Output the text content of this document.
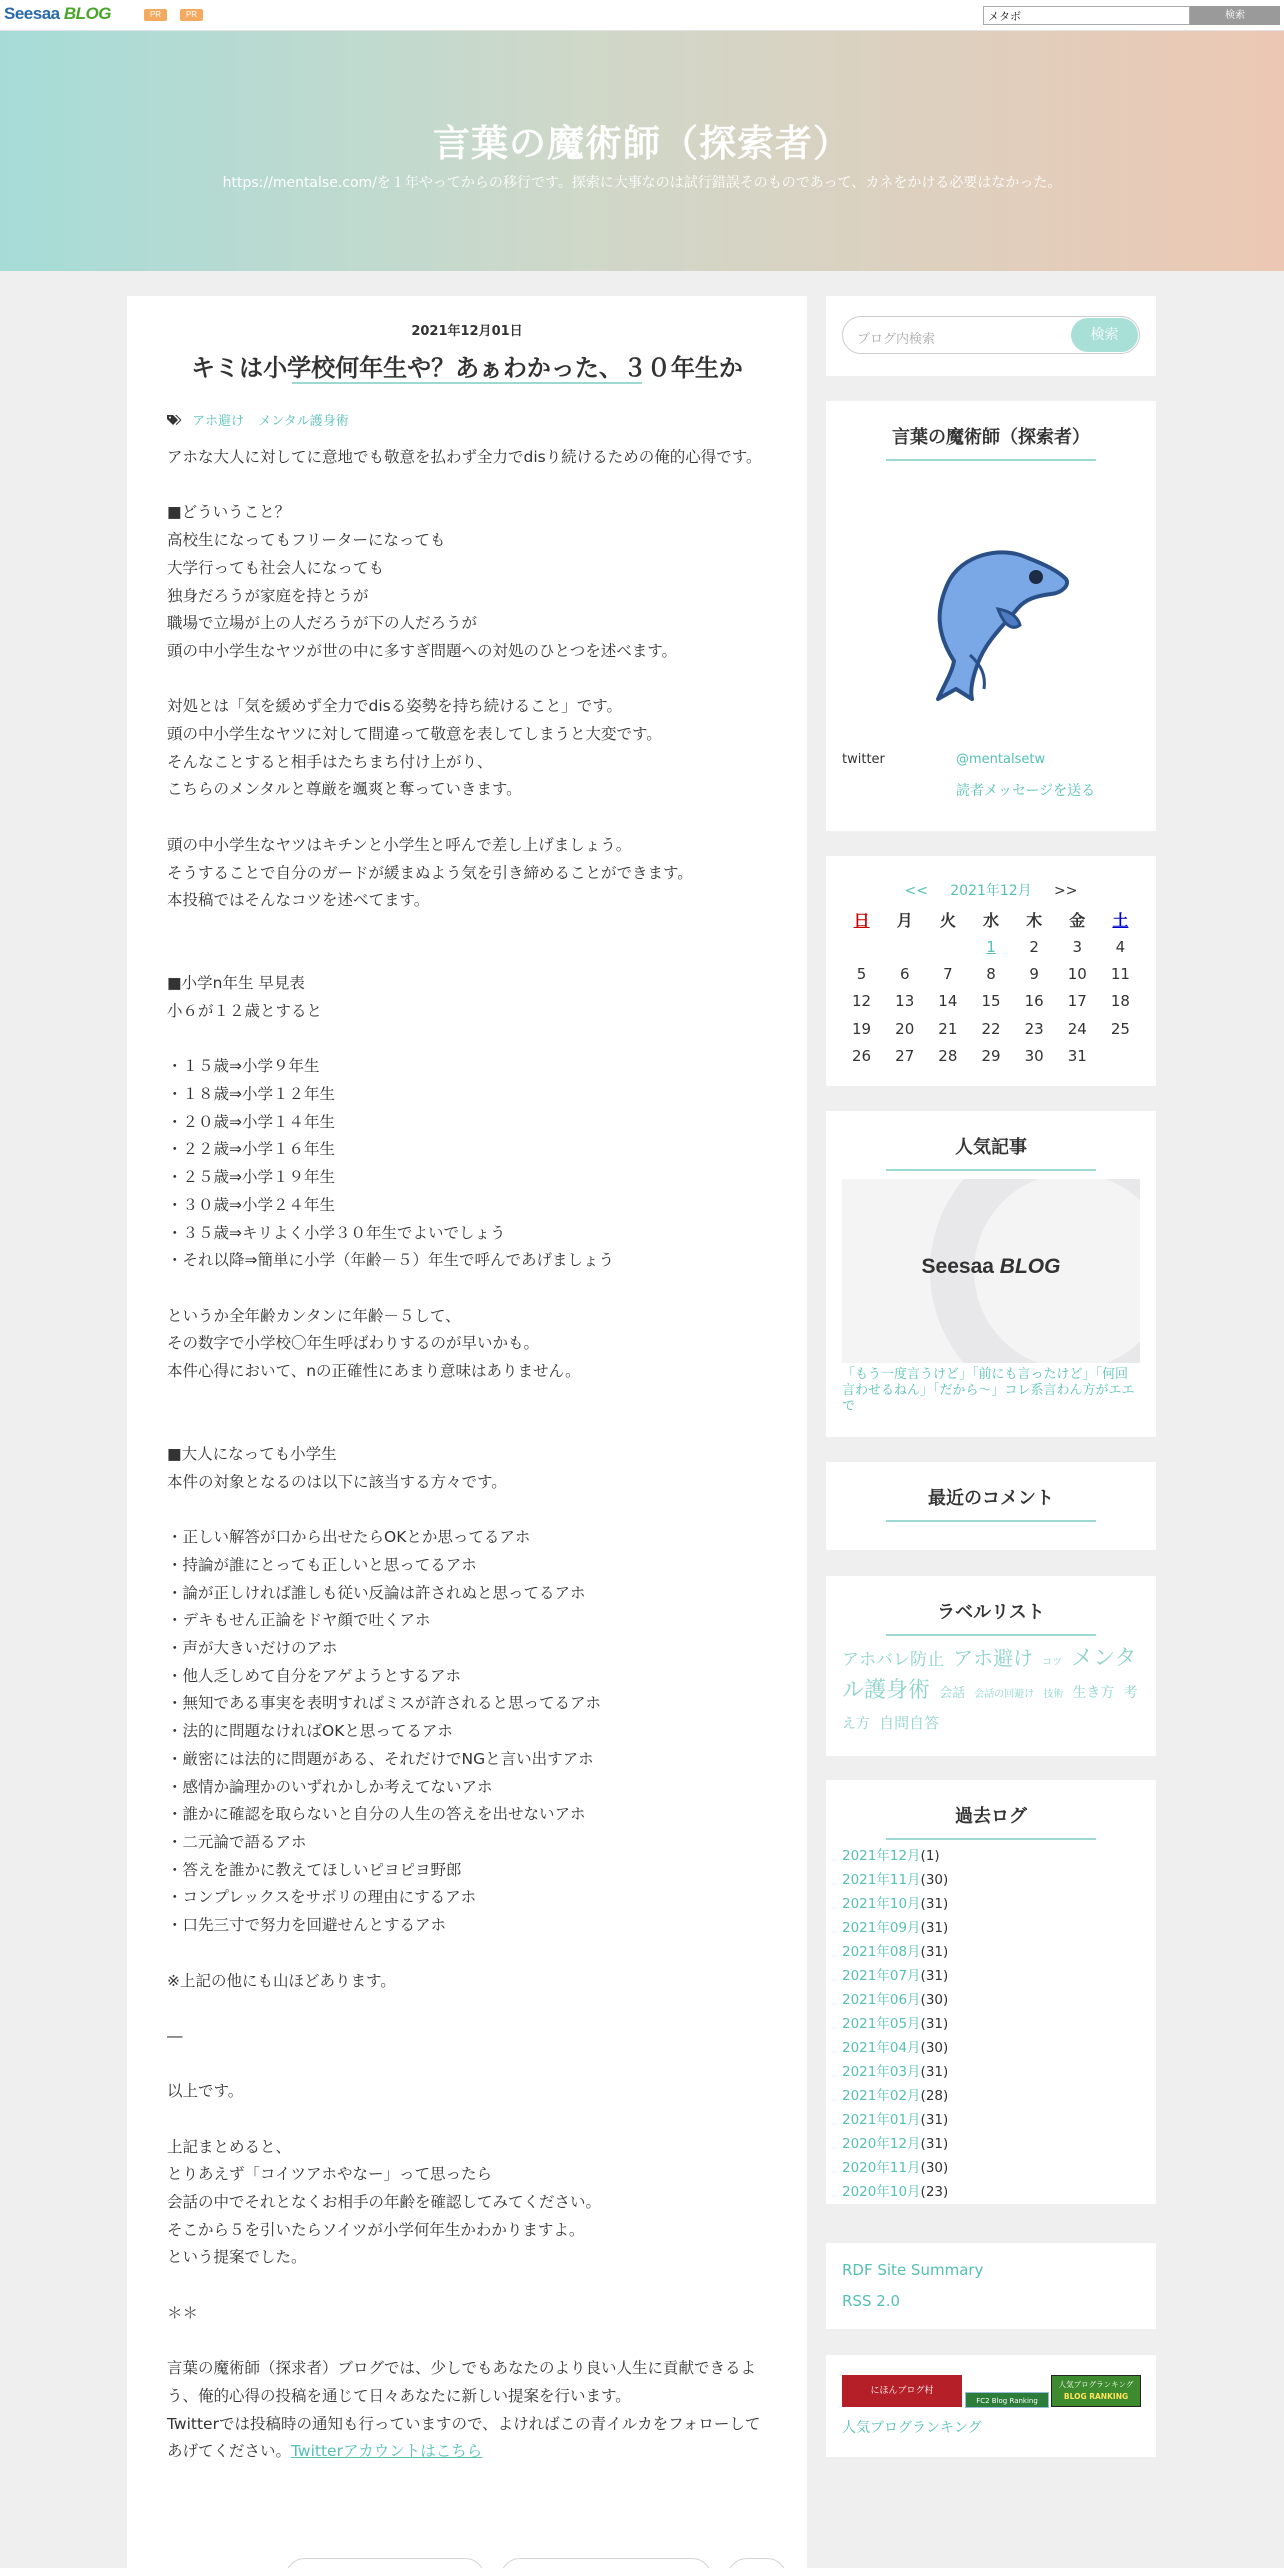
Seesaa BLOG	PR	PR
メタボ	検索
言葉の魔術師（探索者）
https://mentalse.com/を１年やってからの移行です。探索に大事なのは試行錯誤そのものであって、カネをかける必要はなかった。
2021年12月01日
キミは小学校何年生や？あぁわかった、３０年生か
アホ避け メンタル護身術

アホな大人に対してに意地でも敬意を払わず全力でdisり続けるための俺的心得です。

■どういうこと？

高校生になってもフリーターになっても

大学行っても社会人になっても

独身だろうが家庭を持とうが

職場で立場が上の人だろうが下の人だろうが

頭の中小学生なヤツが世の中に多すぎ問題への対処のひとつを述べます。

対処とは「気を緩めず全力でdisる姿勢を持ち続けること」です。

頭の中小学生なヤツに対して間違って敬意を表してしまうと大変です。

そんなことすると相手はたちまち付け上がり、

こちらのメンタルと尊厳を颯爽と奪っていきます。

頭の中小学生なヤツはキチンと小学生と呼んで差し上げましょう。

そうすることで自分のガードが緩まぬよう気を引き締めることができます。

本投稿ではそんなコツを述べてます。

■小学n年生 早見表

小６が１２歳とすると

・１５歳⇒小学９年生

・１８歳⇒小学１２年生

・２０歳⇒小学１４年生

・２２歳⇒小学１６年生

・２５歳⇒小学１９年生

・３０歳⇒小学２４年生

・３５歳⇒キリよく小学３０年生でよいでしょう

・それ以降⇒簡単に小学（年齢－５）年生で呼んであげましょう

というか全年齢カンタンに年齢－５して、

その数字で小学校〇年生呼ばわりするのが早いかも。

本件心得において、nの正確性にあまり意味はありません。

■大人になっても小学生

本件の対象となるのは以下に該当する方々です。

・正しい解答が口から出せたらOKとか思ってるアホ

・持論が誰にとっても正しいと思ってるアホ

・論が正しければ誰しも従い反論は許されぬと思ってるアホ

・デキもせん正論をドヤ顔で吐くアホ

・声が大きいだけのアホ

・他人乏しめて自分をアゲようとするアホ

・無知である事実を表明すればミスが許されると思ってるアホ

・法的に問題なければOKと思ってるアホ

・厳密には法的に問題がある、それだけでNGと言い出すアホ

・感情か論理かのいずれかしか考えてないアホ

・誰かに確認を取らないと自分の人生の答えを出せないアホ

・二元論で語るアホ

・答えを誰かに教えてほしいピヨピヨ野郎

・コンプレックスをサボリの理由にするアホ

・口先三寸で努力を回避せんとするアホ

※上記の他にも山ほどあります。

―

以上です。

上記まとめると、

とりあえず「コイツアホやなー」って思ったら

会話の中でそれとなくお相手の年齢を確認してみてください。

そこから５を引いたらソイツが小学何年生かわかりますよ。

という提案でした。

＊＊

言葉の魔術師（探求者）ブログでは、少しでもあなたのより良い人生に貢献できるよう、俺的心得の投稿を通じて日々あなたに新しい提案を行います。

Twitterでは投稿時の通知も行っていますので、よければこの青イルカをフォローしてあげてください。Twitterアカウントはこちら

ブログ内検索	検索
言葉の魔術師（探索者）
twitter	@mentalsetw
読者メッセージを送る
<< 2021年12月 >>
日	月	火	水	木	金	土
			1	2	3	4
5	6	7	8	9	10	11
12	13	14	15	16	17	18
19	20	21	22	23	24	25
26	27	28	29	30	31	
人気記事
Seesaa BLOG
「もう一度言うけど」「前にも言ったけど」「何回言わせるねん」「だから～」コレ系言わん方がエエで
最近のコメント
ラベルリスト
アホバレ防止 アホ避け コツ メンタル護身術 会話 会話の回避け 技術 生き方 考え方 自問自答
過去ログ
2021年12月(1)
2021年11月(30)
2021年10月(31)
2021年09月(31)
2021年08月(31)
2021年07月(31)
2021年06月(30)
2021年05月(31)
2021年04月(30)
2021年03月(31)
2021年02月(28)
2021年01月(31)
2020年12月(31)
2020年11月(30)
2020年10月(23)
RDF Site Summary
RSS 2.0
にほんブログ村
FC2 Blog Ranking
人気ブログランキング
BLOG RANKING
人気ブログランキング
